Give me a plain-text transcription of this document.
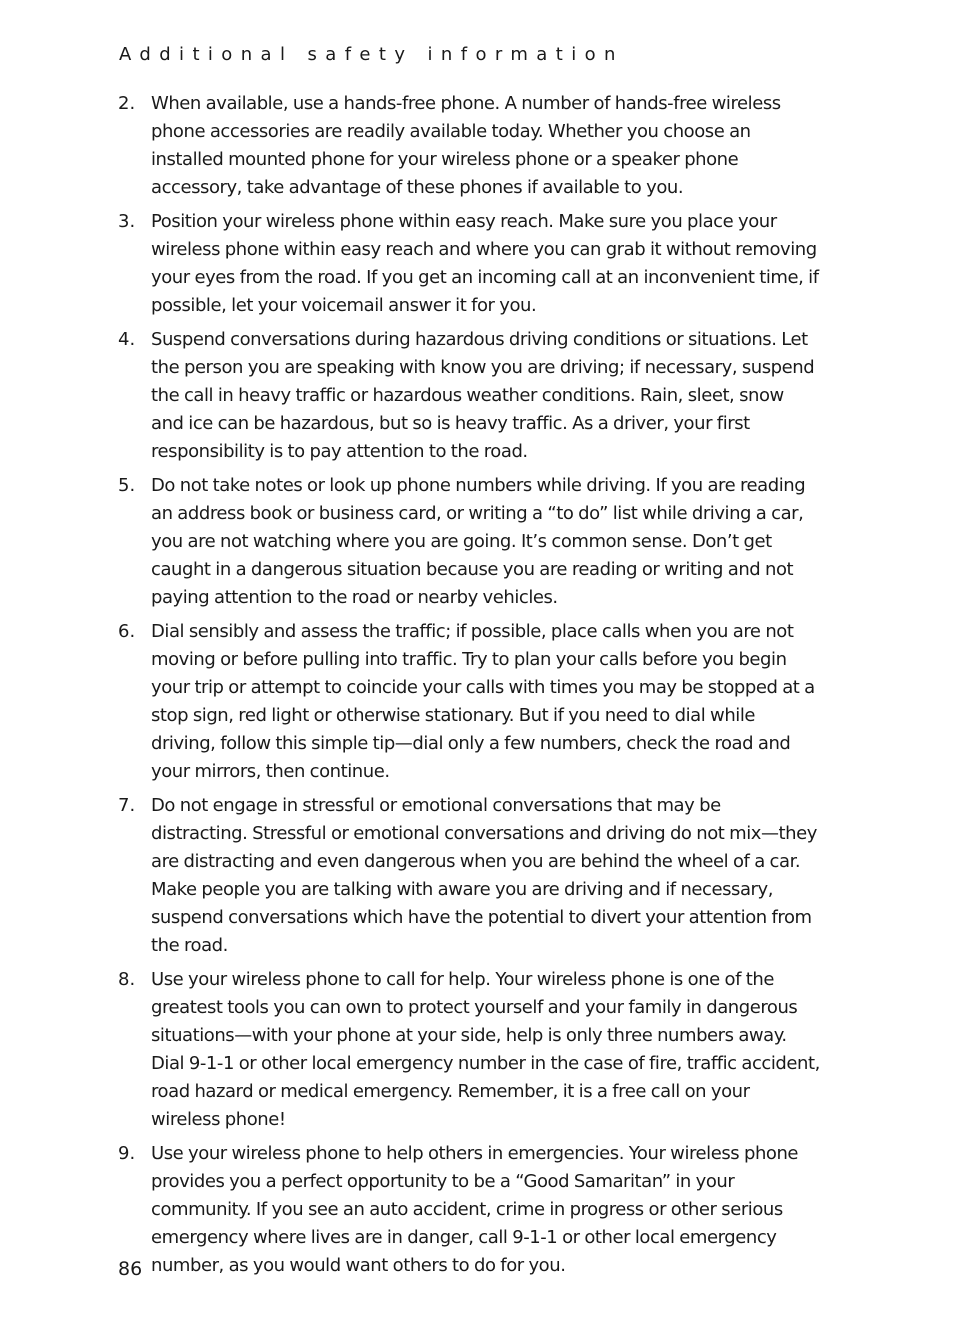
Additional safety information
2. When available, use a hands-free phone. A number of hands-free wireless phone accessories are readily available today. Whether you choose an installed mounted phone for your wireless phone or a speaker phone accessory, take advantage of these phones if available to you.
3. Position your wireless phone within easy reach. Make sure you place your wireless phone within easy reach and where you can grab it without removing your eyes from the road. If you get an incoming call at an inconvenient time, if possible, let your voicemail answer it for you.
4. Suspend conversations during hazardous driving conditions or situations. Let the person you are speaking with know you are driving; if necessary, suspend the call in heavy traffic or hazardous weather conditions. Rain, sleet, snow and ice can be hazardous, but so is heavy traffic. As a driver, your first responsibility is to pay attention to the road.
5. Do not take notes or look up phone numbers while driving. If you are reading an address book or business card, or writing a “to do” list while driving a car, you are not watching where you are going. It’s common sense. Don’t get caught in a dangerous situation because you are reading or writing and not paying attention to the road or nearby vehicles.
6. Dial sensibly and assess the traffic; if possible, place calls when you are not moving or before pulling into traffic. Try to plan your calls before you begin your trip or attempt to coincide your calls with times you may be stopped at a stop sign, red light or otherwise stationary. But if you need to dial while driving, follow this simple tip—dial only a few numbers, check the road and your mirrors, then continue.
7. Do not engage in stressful or emotional conversations that may be distracting. Stressful or emotional conversations and driving do not mix—they are distracting and even dangerous when you are behind the wheel of a car. Make people you are talking with aware you are driving and if necessary, suspend conversations which have the potential to divert your attention from the road.
8. Use your wireless phone to call for help. Your wireless phone is one of the greatest tools you can own to protect yourself and your family in dangerous situations—with your phone at your side, help is only three numbers away. Dial 9-1-1 or other local emergency number in the case of fire, traffic accident, road hazard or medical emergency. Remember, it is a free call on your wireless phone!
9. Use your wireless phone to help others in emergencies. Your wireless phone provides you a perfect opportunity to be a “Good Samaritan” in your community. If you see an auto accident, crime in progress or other serious emergency where lives are in danger, call 9-1-1 or other local emergency number, as you would want others to do for you.
86
